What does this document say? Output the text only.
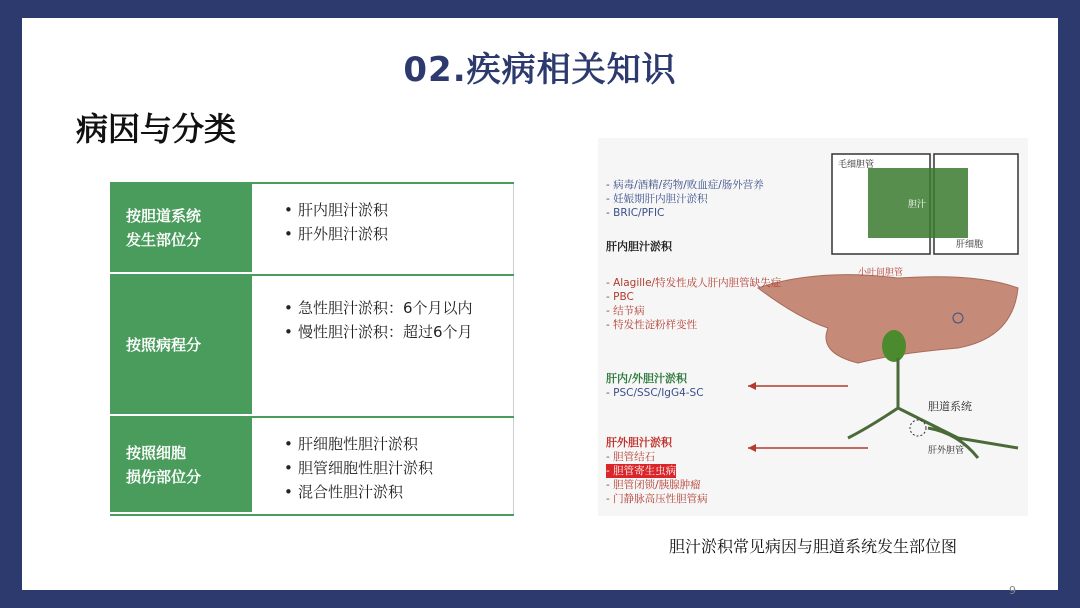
02.疾病相关知识
病因与分类
按胆道系统
发生部位分
• 肝内胆汁淤积
• 肝外胆汁淤积
按照病程分
• 急性胆汁淤积：6个月以内
• 慢性胆汁淤积：超过6个月
按照细胞
损伤部位分
• 肝细胞性胆汁淤积
• 胆管细胞性胆汁淤积
• 混合性胆汁淤积
- 病毒/酒精/药物/败血症/肠外营养
- 妊娠期肝内胆汁淤积
- BRIC/PFIC
肝内胆汁淤积
- Alagille/特发性成人肝内胆管缺失症
- PBC
- 结节病
- 特发性淀粉样变性
肝内/外胆汁淤积
- PSC/SSC/IgG4-SC
肝外胆汁淤积
- 胆管结石
- 胆管寄生虫病
- 胆管闭锁/胰腺肿瘤
- 门静脉高压性胆管病
毛细胆管
胆汁
肝细胞
小叶间胆管
胆道系统
肝外胆管
胆汁淤积常见病因与胆道系统发生部位图
9
